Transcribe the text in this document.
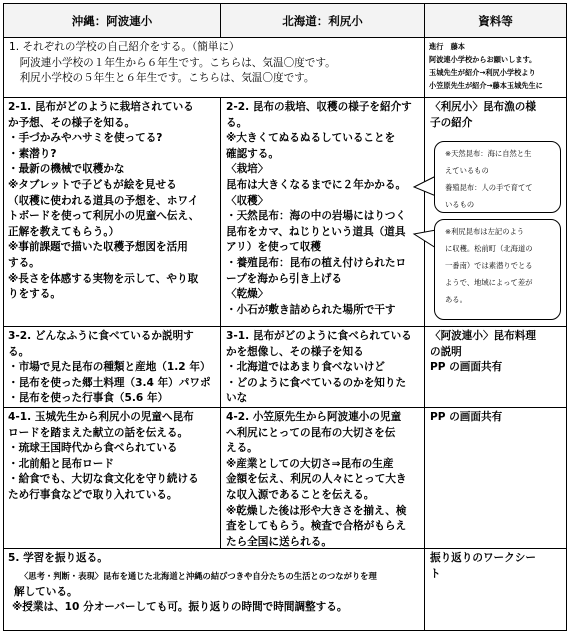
沖縄：阿波連小	北海道：利尻小	資料等
1. それぞれの学校の自己紹介をする。（簡単に）
　阿波連小学校の１年生から６年生です。こちらは、気温〇度です。
　利尻小学校の５年生と６年生です。こちらは、気温〇度です。
進行　藤本
阿波連小学校からお願いします。
玉城先生が紹介→利尻小学校より
小笠原先生が紹介→藤本玉城先生に
2-1. 昆布がどのように栽培されている
か予想、その様子を知る。
・手づかみやハサミを使ってる?
・素潜り?
・最新の機械で収穫かな
※タブレットで子どもが絵を見せる
（収穫に使われる道具の予想を、ホワイ
トボードを使って利尻小の児童へ伝え、
正解を教えてもらう。）
※事前課題で描いた収穫予想図を活用
する。
※長さを体感する実物を示して、やり取
りをする。
2-2. 昆布の栽培、収穫の様子を紹介す
る。
※大きくてぬるぬるしていることを
確認する。
〈栽培〉
昆布は大きくなるまでに２年かかる。
〈収穫〉
・天然昆布：海の中の岩場にはりつく
昆布をカマ、ねじりという道具（道具
アリ）を使って収穫
・養殖昆布：昆布の植え付けられたロ
ープを海から引き上げる
〈乾燥〉
・小石が敷き詰められた場所で干す
〈利尻小〉昆布漁の様
子の紹介
※天然昆布：海に自然と生
えているもの
養殖昆布：人の手で育てて
いるもの
※利尻昆布は左記のよう
に収穫。松前町（北海道の
一番南）では素潜りでとる
ようで、地域によって差が
ある。
3-2. どんなふうに食べているか説明す
る。
・市場で見た昆布の種類と産地（1.2 年）
・昆布を使った郷土料理（3.4 年）パワポ
・昆布を使った行事食（5.6 年）
3-1. 昆布がどのように食べられている
かを想像し、その様子を知る
・北海道ではあまり食べないけど
・どのように食べているのかを知りた
いな
〈阿波連小〉昆布料理
の説明
PP の画面共有
4-1. 玉城先生から利尻小の児童へ昆布
ロードを踏まえた献立の話を伝える。
・琉球王国時代から食べられている
・北前船と昆布ロード
・給食でも、大切な食文化を守り続ける
ため行事食などで取り入れている。
4-2. 小笠原先生から阿波連小の児童
へ利尻にとっての昆布の大切さを伝
える。
※産業としての大切さ⇒昆布の生産
金額を伝え、利尻の人々にとって大き
な収入源であることを伝える。
※乾燥した後は形や大きさを揃え、検
査をしてもらう。検査で合格がもらえ
たら全国に送られる。
PP の画面共有
5. 学習を振り返る。
〈思考・判断・表現〉昆布を通じた北海道と沖縄の結びつきや自分たちの生活とのつながりを理
解している。
※授業は、10 分オーバーしても可。振り返りの時間で時間調整する。
振り返りのワークシー
ト
